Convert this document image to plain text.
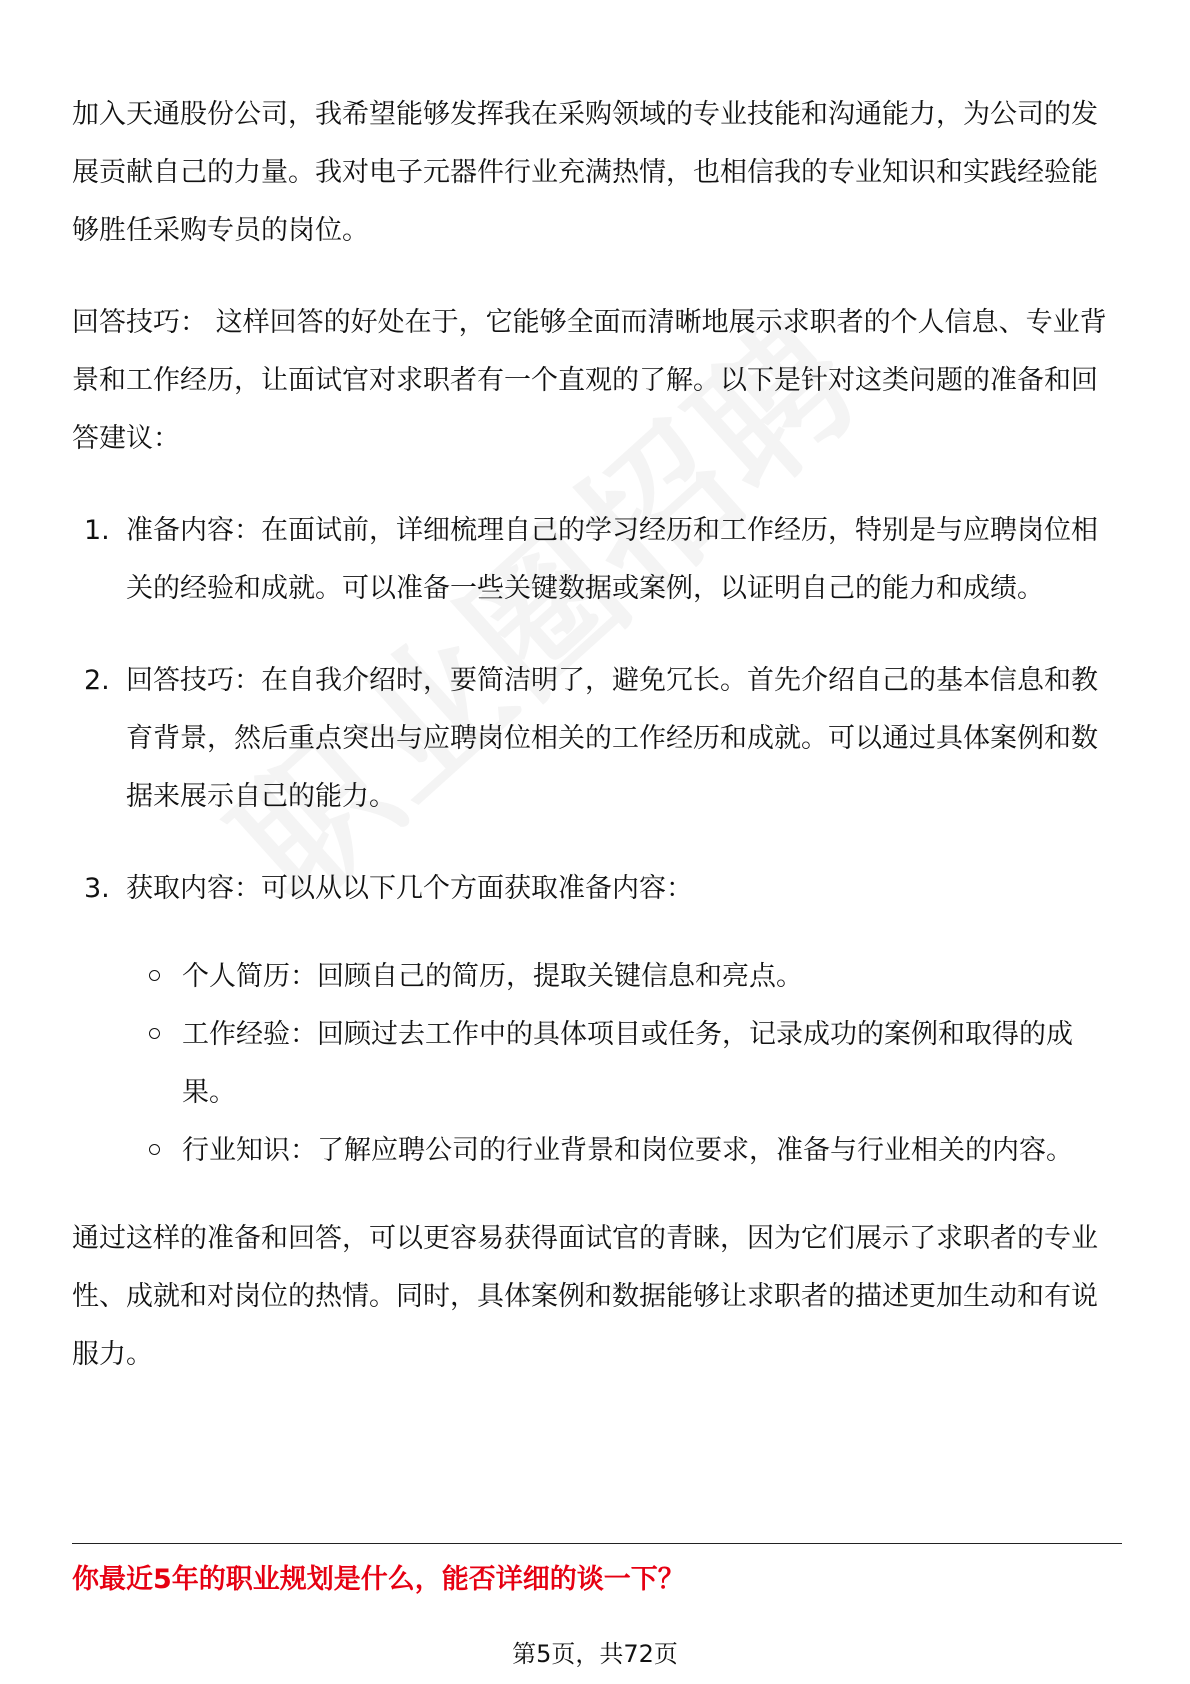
加入天通股份公司，我希望能够发挥我在采购领域的专业技能和沟通能力，为公司的发展贡献自己的力量。我对电子元器件行业充满热情，也相信我的专业知识和实践经验能够胜任采购专员的岗位。

回答技巧： 这样回答的好处在于，它能够全面而清晰地展示求职者的个人信息、专业背景和工作经历，让面试官对求职者有一个直观的了解。以下是针对这类问题的准备和回答建议：

1. 准备内容：在面试前，详细梳理自己的学习经历和工作经历，特别是与应聘岗位相关的经验和成就。可以准备一些关键数据或案例，以证明自己的能力和成绩。
2. 回答技巧：在自我介绍时，要简洁明了，避免冗长。首先介绍自己的基本信息和教育背景，然后重点突出与应聘岗位相关的工作经历和成就。可以通过具体案例和数据来展示自己的能力。
3. 获取内容：可以从以下几个方面获取准备内容：
个人简历：回顾自己的简历，提取关键信息和亮点。
工作经验：回顾过去工作中的具体项目或任务，记录成功的案例和取得的成果。
行业知识：了解应聘公司的行业背景和岗位要求，准备与行业相关的内容。

通过这样的准备和回答，可以更容易获得面试官的青睐，因为它们展示了求职者的专业性、成就和对岗位的热情。同时，具体案例和数据能够让求职者的描述更加生动和有说服力。

你最近5年的职业规划是什么，能否详细的谈一下？
第5页，共72页
